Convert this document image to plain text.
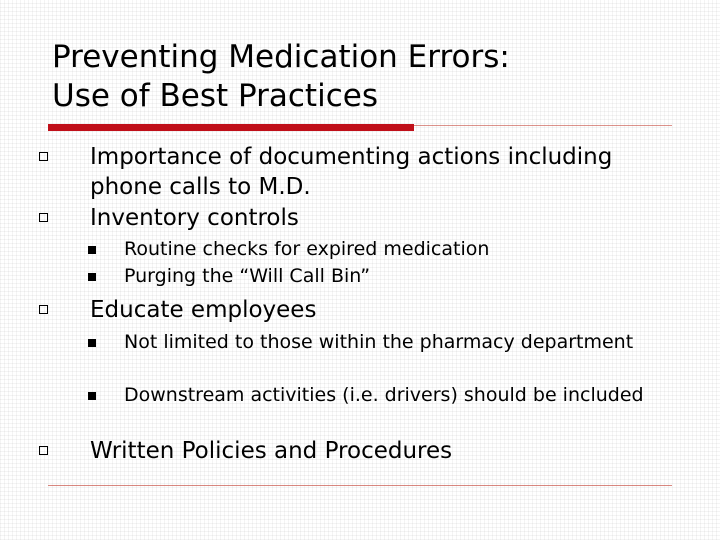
Preventing Medication Errors:
Use of Best Practices
Importance of documenting actions including phone calls to M.D.
Inventory controls
Routine checks for expired medication
Purging the “Will Call Bin”
Educate employees
Not limited to those within the pharmacy department
Downstream activities (i.e. drivers) should be included
Written Policies and Procedures
